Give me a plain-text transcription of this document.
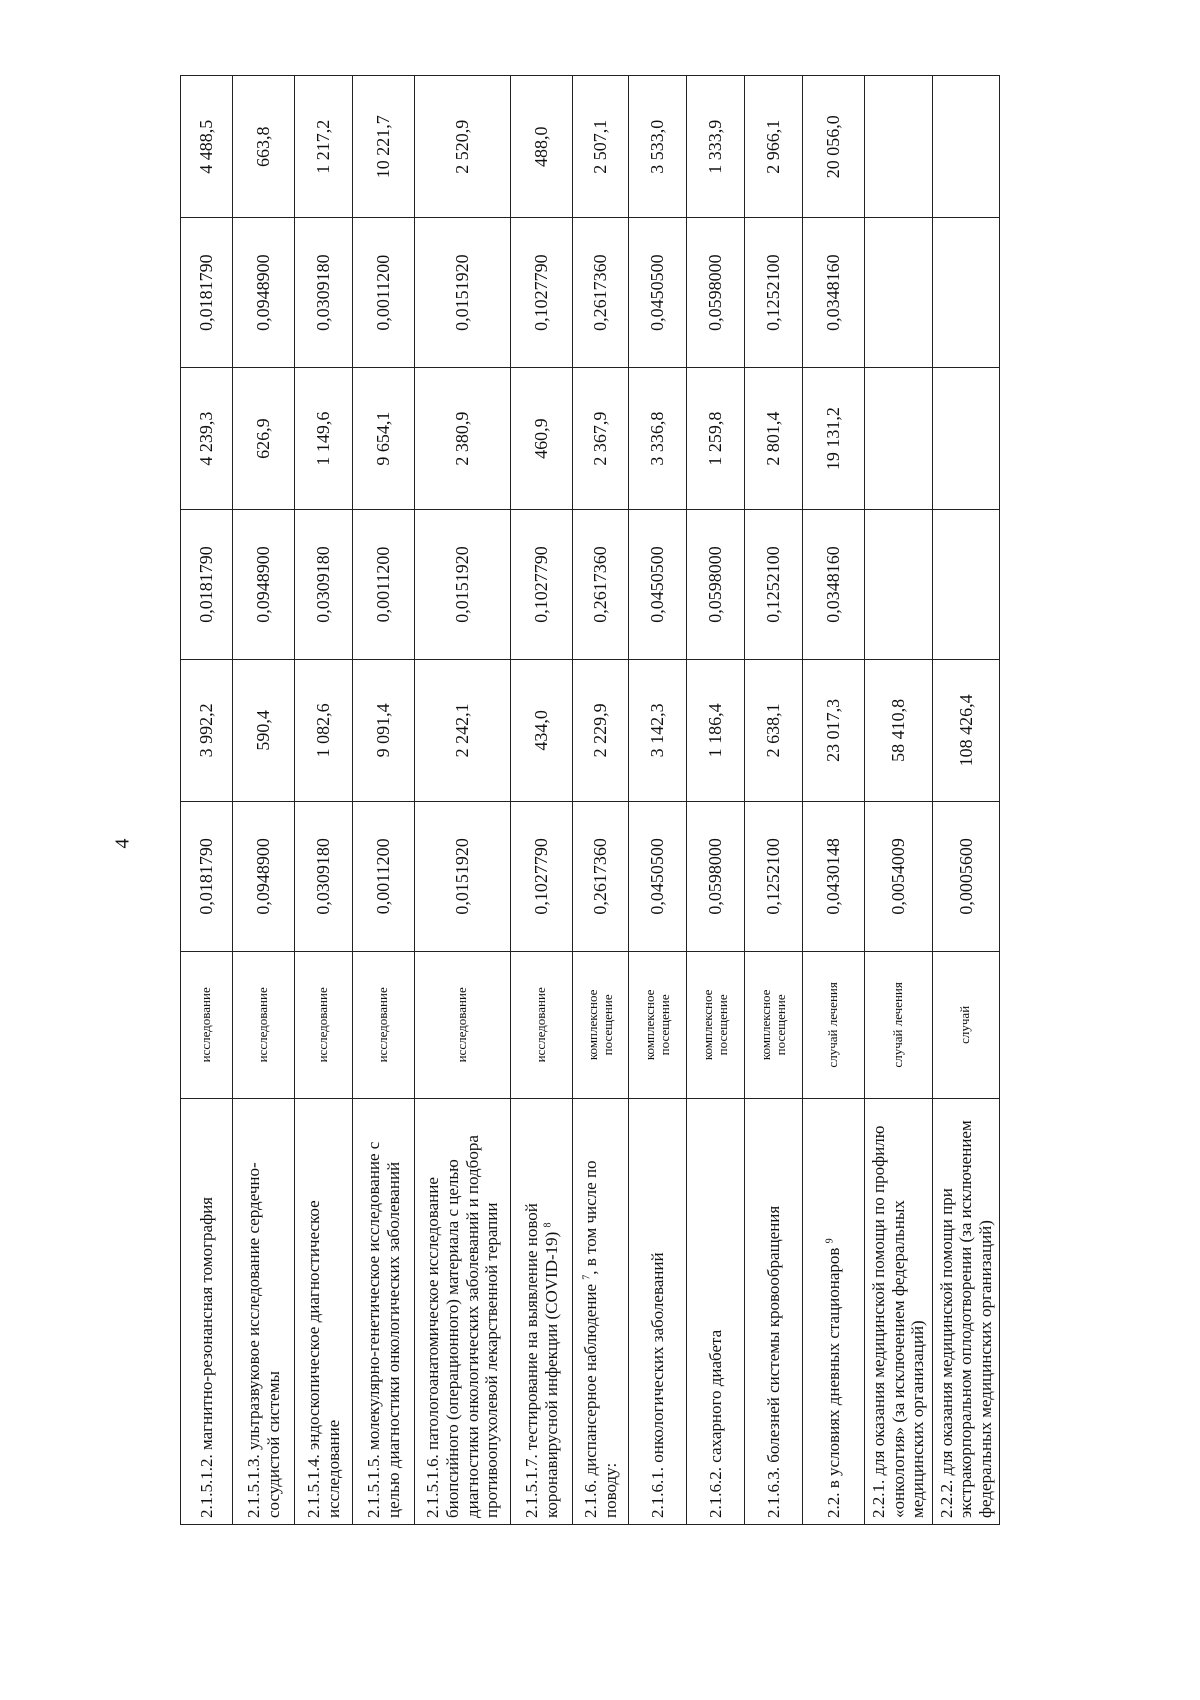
4
2.1.5.1.2. магнитно-резонансная томография	исследование	0,0181790	3 992,2	0,0181790	4 239,3	0,0181790	4 488,5
2.1.5.1.3. ультразвуковое исследование сердечно-сосудистой системы	исследование	0,0948900	590,4	0,0948900	626,9	0,0948900	663,8
2.1.5.1.4. эндоскопическое диагностическое исследование	исследование	0,0309180	1 082,6	0,0309180	1 149,6	0,0309180	1 217,2
2.1.5.1.5. молекулярно-генетическое исследование с целью диагностики онкологических заболеваний	исследование	0,0011200	9 091,4	0,0011200	9 654,1	0,0011200	10 221,7
2.1.5.1.6. патологоанатомическое исследование биопсийного (операционного) материала с целью диагностики онкологических заболеваний и подбора противоопухолевой лекарственной терапии	исследование	0,0151920	2 242,1	0,0151920	2 380,9	0,0151920	2 520,9
2.1.5.1.7. тестирование на выявление новой коронавирусной инфекции (COVID-19) $^8$	исследование	0,1027790	434,0	0,1027790	460,9	0,1027790	488,0
2.1.6. диспансерное наблюдение $^7$, в том числе по поводу:	комплексное посещение	0,2617360	2 229,9	0,2617360	2 367,9	0,2617360	2 507,1
2.1.6.1. онкологических заболеваний	комплексное посещение	0,0450500	3 142,3	0,0450500	3 336,8	0,0450500	3 533,0
2.1.6.2. сахарного диабета	комплексное посещение	0,0598000	1 186,4	0,0598000	1 259,8	0,0598000	1 333,9
2.1.6.3. болезней системы кровообращения	комплексное посещение	0,1252100	2 638,1	0,1252100	2 801,4	0,1252100	2 966,1
2.2. в условиях дневных стационаров $^9$	случай лечения	0,0430148	23 017,3	0,0348160	19 131,2	0,0348160	20 056,0
2.2.1. для оказания медицинской помощи по профилю «онкология» (за исключением федеральных медицинских организаций)	случай лечения	0,0054009	58 410,8				
2.2.2. для оказания медицинской помощи при экстракорпоральном оплодотворении (за исключением федеральных медицинских организаций)	случай	0,0005600	108 426,4				
